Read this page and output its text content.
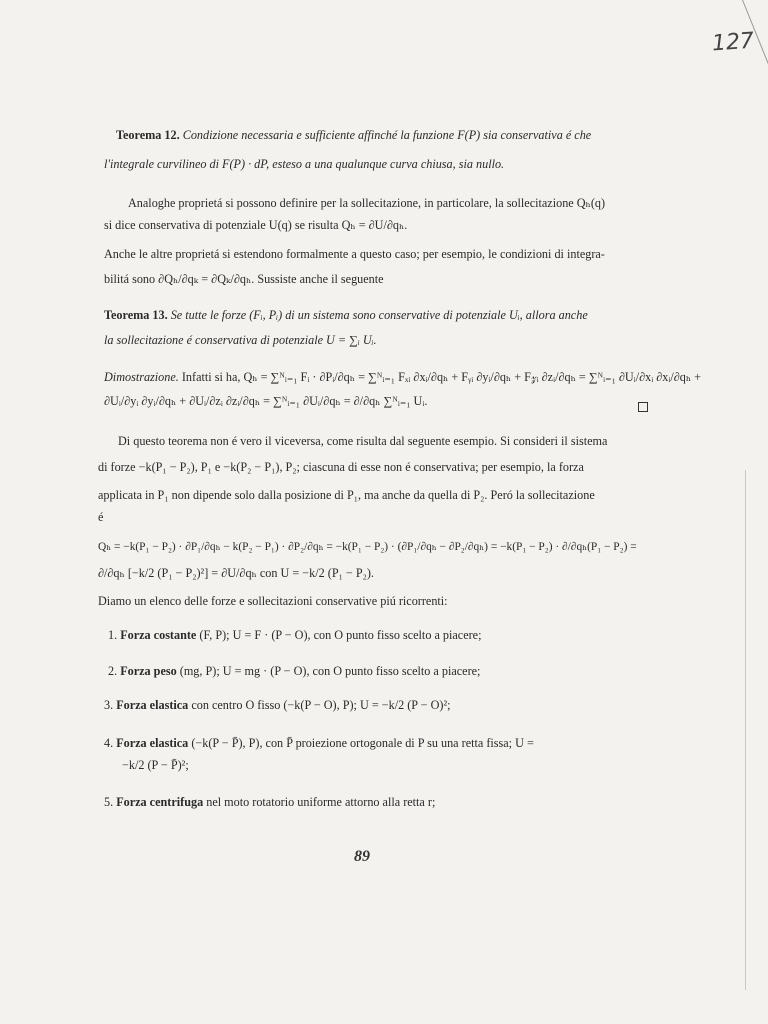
127
Teorema 12. Condizione necessaria e sufficiente affinché la funzione F(P) sia conservativa é che
l'integrale curvilineo di F(P) · dP, esteso a una qualunque curva chiusa, sia nullo.
Analoghe proprietá si possono definire per la sollecitazione, in particolare, la sollecitazione Qₕ(q)
si dice conservativa di potenziale U(q) se risulta Qₕ = ∂U/∂qₕ.
Anche le altre proprietá si estendono formalmente a questo caso; per esempio, le condizioni di integra-
bilitá sono ∂Qₕ/∂qₖ = ∂Qₖ/∂qₕ. Sussiste anche il seguente
Teorema 13. Se tutte le forze (Fᵢ, Pᵢ) di un sistema sono conservative di potenziale Uᵢ, allora anche
la sollecitazione é conservativa di potenziale U = ∑ᵢ Uᵢ.
Dimostrazione. Infatti si ha, Qₕ = ∑ᴺᵢ₌₁ Fᵢ · ∂Pᵢ/∂qₕ = ∑ᴺᵢ₌₁ Fₓᵢ ∂xᵢ/∂qₕ + Fᵧᵢ ∂yᵢ/∂qₕ + F𝓏ᵢ ∂zᵢ/∂qₕ = ∑ᴺᵢ₌₁ ∂Uᵢ/∂xᵢ ∂xᵢ/∂qₕ +
∂Uᵢ/∂yᵢ ∂yᵢ/∂qₕ + ∂Uᵢ/∂zᵢ ∂zᵢ/∂qₕ = ∑ᴺᵢ₌₁ ∂Uᵢ/∂qₕ = ∂/∂qₕ ∑ᴺᵢ₌₁ Uᵢ.
Di questo teorema non é vero il viceversa, come risulta dal seguente esempio. Si consideri il sistema
di forze −k(P₁ − P₂), P₁ e −k(P₂ − P₁), P₂; ciascuna di esse non é conservativa; per esempio, la forza
applicata in P₁ non dipende solo dalla posizione di P₁, ma anche da quella di P₂. Peró la sollecitazione
é
Qₕ = −k(P₁ − P₂) · ∂P₁/∂qₕ − k(P₂ − P₁) · ∂P₂/∂qₕ = −k(P₁ − P₂) · (∂P₁/∂qₕ − ∂P₂/∂qₕ) = −k(P₁ − P₂) · ∂/∂qₕ(P₁ − P₂) =
∂/∂qₕ [−k/2 (P₁ − P₂)²] = ∂U/∂qₕ con U = −k/2 (P₁ − P₂).
Diamo un elenco delle forze e sollecitazioni conservative piú ricorrenti:
1. Forza costante (F, P); U = F · (P − O), con O punto fisso scelto a piacere;
2. Forza peso (mg, P); U = mg · (P − O), con O punto fisso scelto a piacere;
3. Forza elastica con centro O fisso (−k(P − O), P); U = −k/2 (P − O)²;
4. Forza elastica (−k(P − P̄), P), con P̄ proiezione ortogonale di P su una retta fissa; U =
−k/2 (P − P̄)²;
5. Forza centrifuga nel moto rotatorio uniforme attorno alla retta r;
89
